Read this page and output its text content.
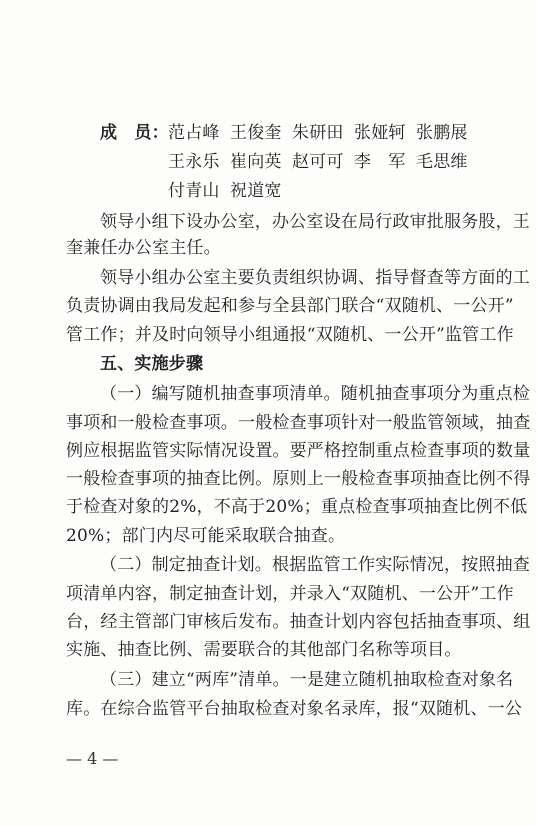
成　员： 范占峰 王俊奎 朱研田 张娅轲 张鹏展
王永乐 崔向英 赵可可 李　军 毛思维
付青山 祝道宽
领导小组下设办公室，办公室设在局行政审批服务股，王
奎兼任办公室主任。
领导小组办公室主要负责组织协调、指导督查等方面的工
负责协调由我局发起和参与全县部门联合“双随机、一公开”
管工作；并及时向领导小组通报“双随机、一公开”监管工作
五、实施步骤
（一）编写随机抽查事项清单。随机抽查事项分为重点检
事项和一般检查事项。一般检查事项针对一般监管领域，抽查
例应根据监管实际情况设置。要严格控制重点检查事项的数量
一般检查事项的抽查比例。原则上一般检查事项抽查比例不得
于检查对象的2%，不高于20%；重点检查事项抽查比例不低
20%；部门内尽可能采取联合抽查。
（二）制定抽查计划。根据监管工作实际情况，按照抽查
项清单内容，制定抽查计划，并录入“双随机、一公开”工作
台，经主管部门审核后发布。抽查计划内容包括抽查事项、组
实施、抽查比例、需要联合的其他部门名称等项目。
（三）建立“两库”清单。一是建立随机抽取检查对象名
库。在综合监管平台抽取检查对象名录库，报“双随机、一公
— 4 —
